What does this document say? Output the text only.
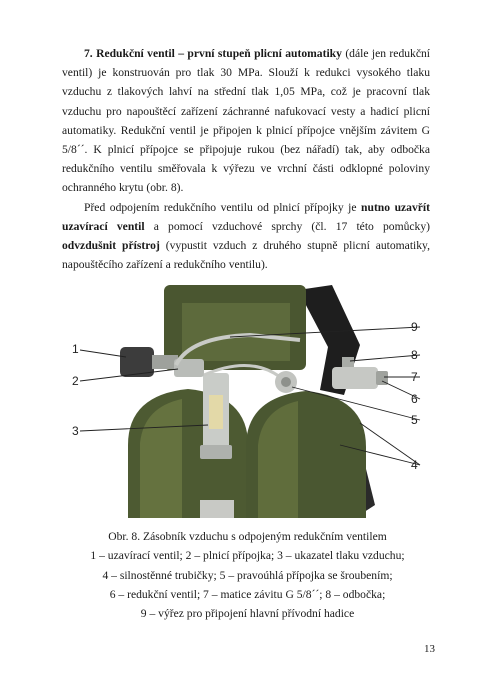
7. Redukční ventil – první stupeň plicní automatiky (dále jen redukční ventil) je konstruován pro tlak 30 MPa. Slouží k redukci vysokého tlaku vzduchu z tlakových lahví na střední tlak 1,05 MPa, což je pracovní tlak vzduchu pro napouštěcí zařízení záchranné nafukovací vesty a hadicí plicní automatiky. Redukční ventil je připojen k plnicí přípojce vnějším závitem G 5/8´´. K plnicí přípojce se připojuje rukou (bez nářadí) tak, aby odbočka redukčního ventilu směřovala k výřezu ve vrchní části odklopné poloviny ochranného krytu (obr. 8).

Před odpojením redukčního ventilu od plnicí přípojky je nutno uzavřít uzavírací ventil a pomocí vzduchové sprchy (čl. 17 této pomůcky) odvzdušnit přístroj (vypustit vzduch z druhého stupně plicní automatiky, napouštěcího zařízení a redukčního ventilu).

1
2
3
4
5
6
7
8
9
Obr. 8. Zásobník vzduchu s odpojeným redukčním ventilem
1 – uzavírací ventil; 2 – plnicí přípojka; 3 – ukazatel tlaku vzduchu;
4 – silnostěnné trubičky; 5 – pravoúhlá přípojka se šroubením;
6 – redukční ventil; 7 – matice závitu G 5/8´´; 8 – odbočka;
9 – výřez pro připojení hlavní přívodní hadice
13
